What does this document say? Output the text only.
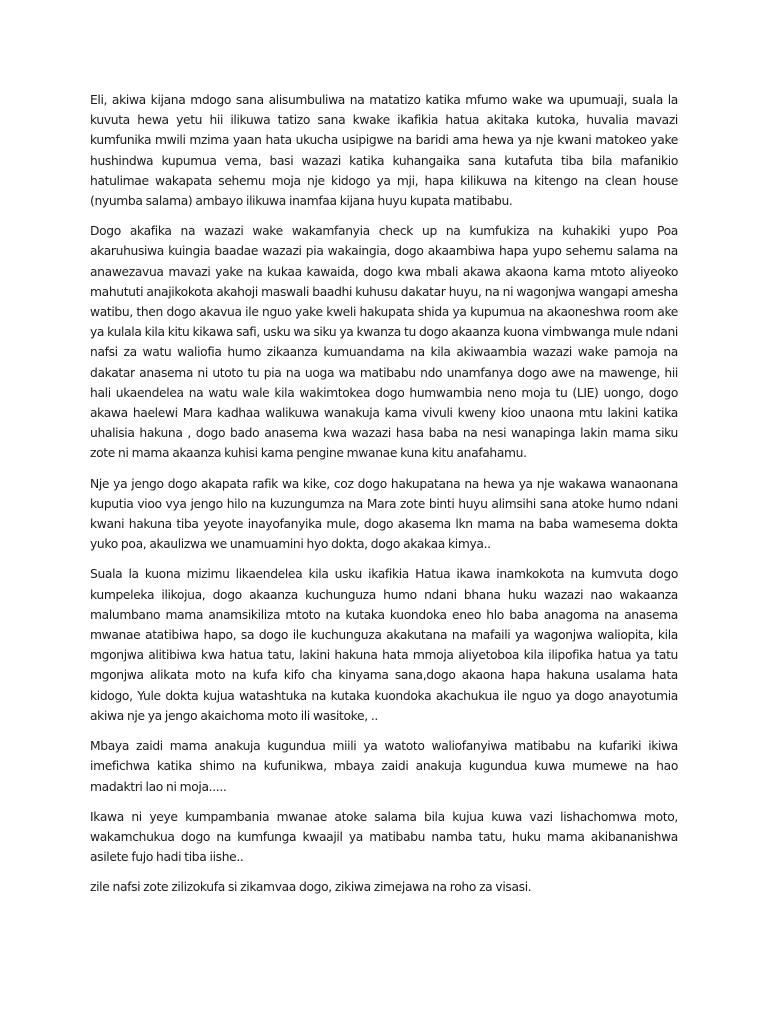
Eli, akiwa kijana mdogo sana alisumbuliwa na matatizo katika mfumo wake wa upumuaji, suala la kuvuta hewa yetu hii ilikuwa tatizo sana kwake ikafikia hatua akitaka kutoka, huvalia mavazi kumfunika mwili mzima yaan hata ukucha usipigwe na baridi ama hewa ya nje kwani matokeo yake hushindwa kupumua vema, basi wazazi katika kuhangaika sana kutafuta tiba bila mafanikio hatulimae wakapata sehemu moja nje kidogo ya mji, hapa kilikuwa na kitengo na clean house (nyumba salama) ambayo ilikuwa inamfaa kijana huyu kupata matibabu.

Dogo akafika na wazazi wake wakamfanyia check up na kumfukiza na kuhakiki yupo Poa akaruhusiwa kuingia baadae wazazi pia wakaingia, dogo akaambiwa hapa yupo sehemu salama na anawezavua mavazi yake na kukaa kawaida, dogo kwa mbali akawa akaona kama mtoto aliyeoko mahututi anajikokota akahoji maswali baadhi kuhusu dakatar huyu, na ni wagonjwa wangapi amesha watibu, then dogo akavua ile nguo yake kweli hakupata shida ya kupumua na akaoneshwa room ake ya kulala kila kitu kikawa safi, usku wa siku ya kwanza tu dogo akaanza kuona vimbwanga mule ndani nafsi za watu waliofia humo zikaanza kumuandama na kila akiwaambia wazazi wake pamoja na dakatar anasema ni utoto tu pia na uoga wa matibabu ndo unamfanya dogo awe na mawenge, hii hali ukaendelea na watu wale kila wakimtokea dogo humwambia neno moja tu (LIE) uongo, dogo akawa haelewi Mara kadhaa walikuwa wanakuja kama vivuli kweny kioo unaona mtu lakini katika uhalisia hakuna , dogo bado anasema kwa wazazi hasa baba na nesi wanapinga lakin mama siku zote ni mama akaanza kuhisi kama pengine mwanae kuna kitu anafahamu.

Nje ya jengo dogo akapata rafik wa kike, coz dogo hakupatana na hewa ya nje wakawa wanaonana kuputia vioo vya jengo hilo na kuzungumza na Mara zote binti huyu alimsihi sana atoke humo ndani kwani hakuna tiba yeyote inayofanyika mule, dogo akasema lkn mama na baba wamesema dokta yuko poa, akaulizwa we unamuamini hyo dokta, dogo akakaa kimya..

Suala la kuona mizimu likaendelea kila usku ikafikia Hatua ikawa inamkokota na kumvuta dogo kumpeleka ilikojua, dogo akaanza kuchunguza humo ndani bhana huku wazazi nao wakaanza malumbano mama anamsikiliza mtoto na kutaka kuondoka eneo hlo baba anagoma na anasema mwanae atatibiwa hapo, sa dogo ile kuchunguza akakutana na mafaili ya wagonjwa waliopita, kila mgonjwa alitibiwa kwa hatua tatu, lakini hakuna hata mmoja aliyetoboa kila ilipofika hatua ya tatu mgonjwa alikata moto na kufa kifo cha kinyama sana,dogo akaona hapa hakuna usalama hata kidogo, Yule dokta kujua watashtuka na kutaka kuondoka akachukua ile nguo ya dogo anayotumia akiwa nje ya jengo akaichoma moto ili wasitoke, ..

Mbaya zaidi mama anakuja kugundua miili ya watoto waliofanyiwa matibabu na kufariki ikiwa imefichwa katika shimo na kufunikwa, mbaya zaidi anakuja kugundua kuwa mumewe na hao madaktri lao ni moja.....

Ikawa ni yeye kumpambania mwanae atoke salama bila kujua kuwa vazi lishachomwa moto, wakamchukua dogo na kumfunga kwaajil ya matibabu namba tatu, huku mama akibananishwa asilete fujo hadi tiba iishe..

zile nafsi zote zilizokufa si zikamvaa dogo, zikiwa zimejawa na roho za visasi.
